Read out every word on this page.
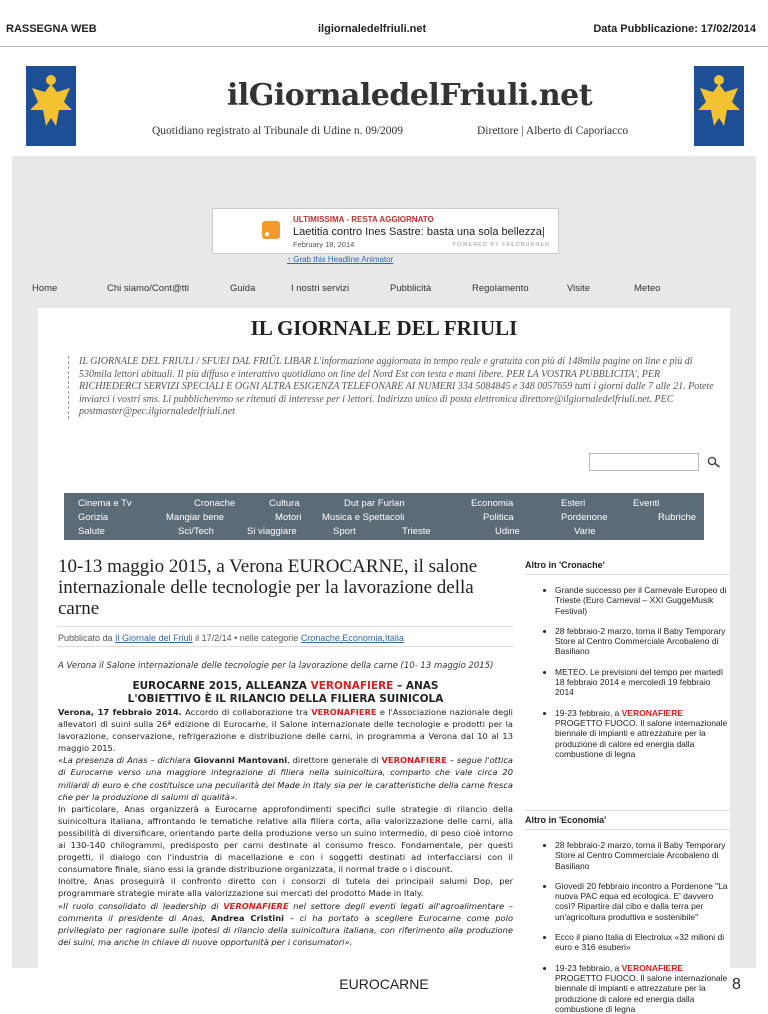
RASSEGNA WEB	ilgiornaledelfriuli.net	Data Pubblicazione: 17/02/2014
ilGiornaledelFriuli.net
Quotidiano registrato al Tribunale di Udine n. 09/2009	Direttore | Alberto di Caporiacco
ULTIMISSIMA - RESTA AGGIORNATO
Laetitia contro Ines Sastre: basta una sola bellezza|
February 18, 2014	POWERED BY FEEDBURNER
↑ Grab this Headline Animator
Home	Chi siamo/Cont@tti	Guida	I nostri servizi	Pubblicità	Regolamento	Visite	Meteo
IL GIORNALE DEL FRIULI
IL GIORNALE DEL FRIULI / SFUEI DAL FRIÛL LIBAR L'informazione aggiornata in tempo reale e gratuita con più di 148mila pagine on line e più di 530mila lettori abituali. Il più diffuso e interattivo quotidiano on line del Nord Est con testa e mani libere. PER LA VOSTRA PUBBLICITA', PER RICHIEDERCI SERVIZI SPECIALI E OGNI ALTRA ESIGENZA TELEFONARE AI NUMERI 334 5084845 e 348 0057659 tutti i giorni dalle 7 alle 21. Potete inviarci i vostri sms. Li pubblicheremo se ritenuti di interesse per i lettori. Indirizzo unico di posta elettronica direttore@ilgiornaledelfriuli.net. PEC postmaster@pec.ilgiornaledelfriuli.net
Cinema e Tv	Cronache	Cultura	Dut par Furlan	Economia	Esteri	Eventi
Gorizia	Mangiar bene	Motori Musica e Spettacoli	Politica	Pordenone	Rubriche
Salute	Sci/Tech	Si viaggiare	Sport	Trieste	Udine	Varie
10-13 maggio 2015, a Verona EUROCARNE, il salone internazionale delle tecnologie per la lavorazione della carne
Pubblicato da Il Giornale del Friuli il 17/2/14 • nelle categorie Cronache,Economia,Italia
A Verona il Salone internazionale delle tecnologie per la lavorazione della carne (10- 13 maggio 2015)
EUROCARNE 2015, ALLEANZA VERONAFIERE – ANAS
L'OBIETTIVO È IL RILANCIO DELLA FILIERA SUINICOLA

Verona, 17 febbraio 2014. Accordo di collaborazione tra VERONAFIERE e l'Associazione nazionale degli allevatori di suini sulla 26ª edizione di Eurocarne, il Salone internazionale delle tecnologie e prodotti per la lavorazione, conservazione, refrigerazione e distribuzione delle carni, in programma a Verona dal 10 al 13 maggio 2015.

«La presenza di Anas – dichiara Giovanni Mantovani, direttore generale di VERONAFIERE – segue l'ottica di Eurocarne verso una maggiore integrazione di filiera nella suinicoltura, comparto che vale circa 20 miliardi di euro e che costituisce una peculiarità del Made in Italy sia per le caratteristiche della carne fresca che per la produzione di salumi di qualità».

In particolare, Anas organizzerà a Eurocarne approfondimenti specifici sulle strategie di rilancio della suinicoltura italiana, affrontando le tematiche relative alla filiera corta, alla valorizzazione delle carni, alla possibilità di diversificare, orientando parte della produzione verso un suino intermedio, di peso cioè intorno ai 130-140 chilogrammi, predisposto per carni destinate al consumo fresco. Fondamentale, per questi progetti, il dialogo con l'industria di macellazione e con i soggetti destinati ad interfacciarsi con il consumatore finale, siano essi la grande distribuzione organizzata, il normal trade o i discount.

Inoltre, Anas proseguirà il confronto diretto con i consorzi di tutela dei principali salumi Dop, per programmare strategie mirate alla valorizzazione sui mercati del prodotto Made in Italy.

«Il ruolo consolidato di leadership di VERONAFIERE nel settore degli eventi legati all'agroalimentare – commenta il presidente di Anas, Andrea Cristini – ci ha portato a scegliere Eurocarne come polo privilegiato per ragionare sulle ipotesi di rilancio della suinicoltura italiana, con riferimento alla produzione dei suini, ma anche in chiave di nuove opportunità per i consumatori».

Altro in 'Cronache'
• Grande successo per il Carnevale Europeo di Trieste (Euro Carneval – XXI GuggeMusik Festival)
• 28 febbraio-2 marzo, torna il Baby Temporary Store al Centro Commerciale Arcobaleno di Basiliano
• METEO. Le previsioni del tempo per martedì 18 febbraio 2014 e mercoledì 19 febbraio 2014
• 19-23 febbraio, a VERONAFIERE PROGETTO FUOCO. Il salone internazionale biennale di impianti e attrezzature per la produzione di calore ed energia dalla combustione di legna
Altro in 'Economia'
• 28 febbraio-2 marzo, torna il Baby Temporary Store al Centro Commerciale Arcobaleno di Basiliano
• Giovedì 20 febbraio incontro a Pordenone "La nuova PAC equa ed ecologica. E' davvero così? Ripartire dal cibo e dalla terra per un'agricoltura produttiva e sostenibile"
• Ecco il piano Italia di Electrolux «32 milioni di euro e 316 esuberi»
• 19-23 febbraio, a VERONAFIERE PROGETTO FUOCO. Il salone internazionale biennale di impianti e attrezzature per la produzione di calore ed energia dalla combustione di legna
EUROCARNE	8
